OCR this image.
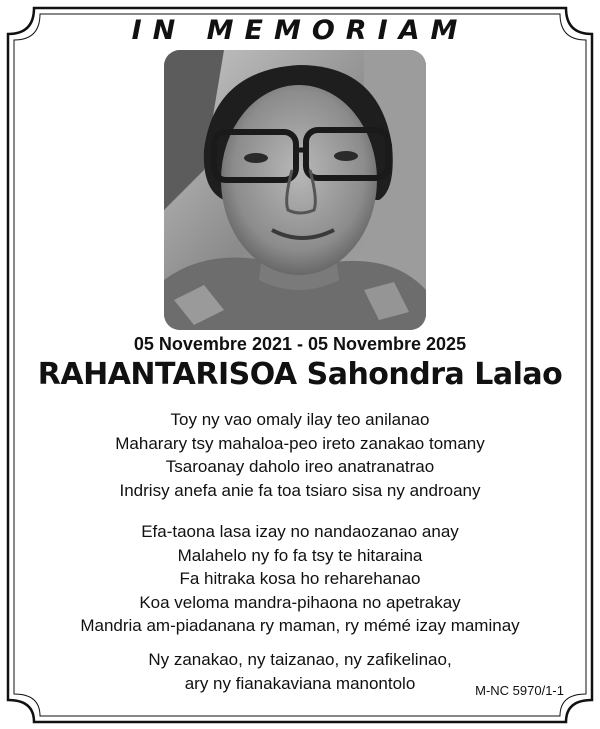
IN MEMORIAM
05 Novembre 2021 - 05 Novembre 2025
RAHANTARISOA Sahondra Lalao
Toy ny vao omaly ilay teo anilanao
Maharary tsy mahaloa-peo ireto zanakao tomany
Tsaroanay daholo ireo anatranatrao
Indrisy anefa anie fa toa tsiaro sisa ny androany
Efa-taona lasa izay no nandaozanao anay
Malahelo ny fo fa tsy te hitaraina
Fa hitraka kosa ho reharehanao
Koa veloma mandra-pihaona no apetrakay
Mandria am-piadanana ry maman, ry mémé izay maminay
Ny zanakao, ny taizanao, ny zafikelinao,
ary ny fianakaviana manontolo	M-NC 5970/1-1
